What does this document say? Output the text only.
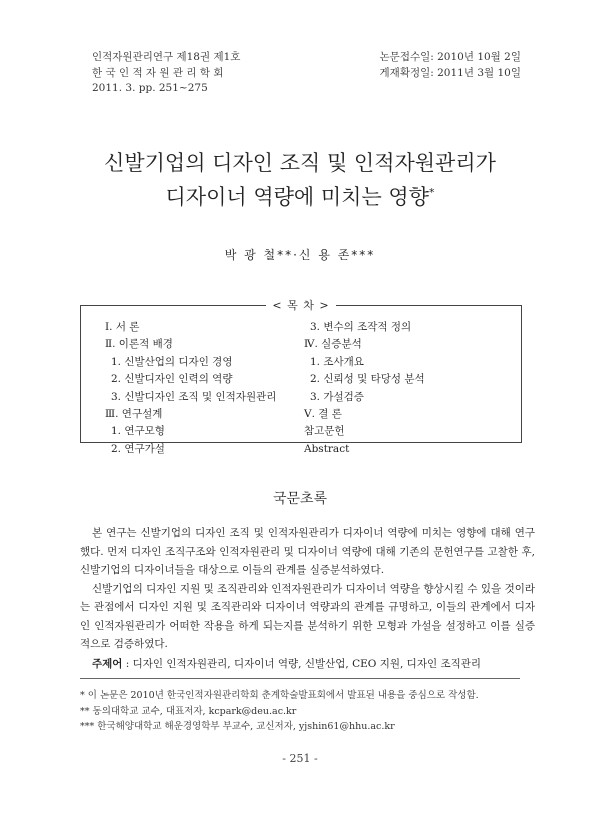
인적자원관리연구 제18권 제1호
한 국 인 적 자 원 관 리 학 회
2011. 3. pp. 251~275
논문접수일: 2010년 10월 2일
게재확정일: 2011년 3월 10일
신발기업의 디자인 조직 및 인적자원관리가
디자이너 역량에 미치는 영향*
박 광 철**·신 용 존***
< 목 차 >
Ⅰ. 서 론
Ⅱ. 이론적 배경
1. 신발산업의 디자인 경영
2. 신발디자인 인력의 역량
3. 신발디자인 조직 및 인적자원관리
Ⅲ. 연구설계
1. 연구모형
2. 연구가설
3. 변수의 조작적 정의
Ⅳ. 실증분석
1. 조사개요
2. 신뢰성 및 타당성 분석
3. 가설검증
Ⅴ. 결 론
참고문헌
Abstract
국문초록

본 연구는 신발기업의 디자인 조직 및 인적자원관리가 디자이너 역량에 미치는 영향에 대해 연구했다. 먼저 디자인 조직구조와 인적자원관리 및 디자이너 역량에 대해 기존의 문헌연구를 고찰한 후, 신발기업의 디자이너들을 대상으로 이들의 관계를 실증분석하였다.

신발기업의 디자인 지원 및 조직관리와 인적자원관리가 디자이너 역량을 향상시킬 수 있을 것이라는 관점에서 디자인 지원 및 조직관리와 디자이너 역량과의 관계를 규명하고, 이들의 관계에서 디자인 인적자원관리가 어떠한 작용을 하게 되는지를 분석하기 위한 모형과 가설을 설정하고 이를 실증적으로 검증하였다.

주제어 : 디자인 인적자원관리, 디자이너 역량, 신발산업, CEO 지원, 디자인 조직관리
* 이 논문은 2010년 한국인적자원관리학회 춘계학술발표회에서 발표된 내용을 중심으로 작성함.
** 동의대학교 교수, 대표저자, kcpark@deu.ac.kr
*** 한국해양대학교 해운경영학부 부교수, 교신저자, yjshin61@hhu.ac.kr
- 251 -
